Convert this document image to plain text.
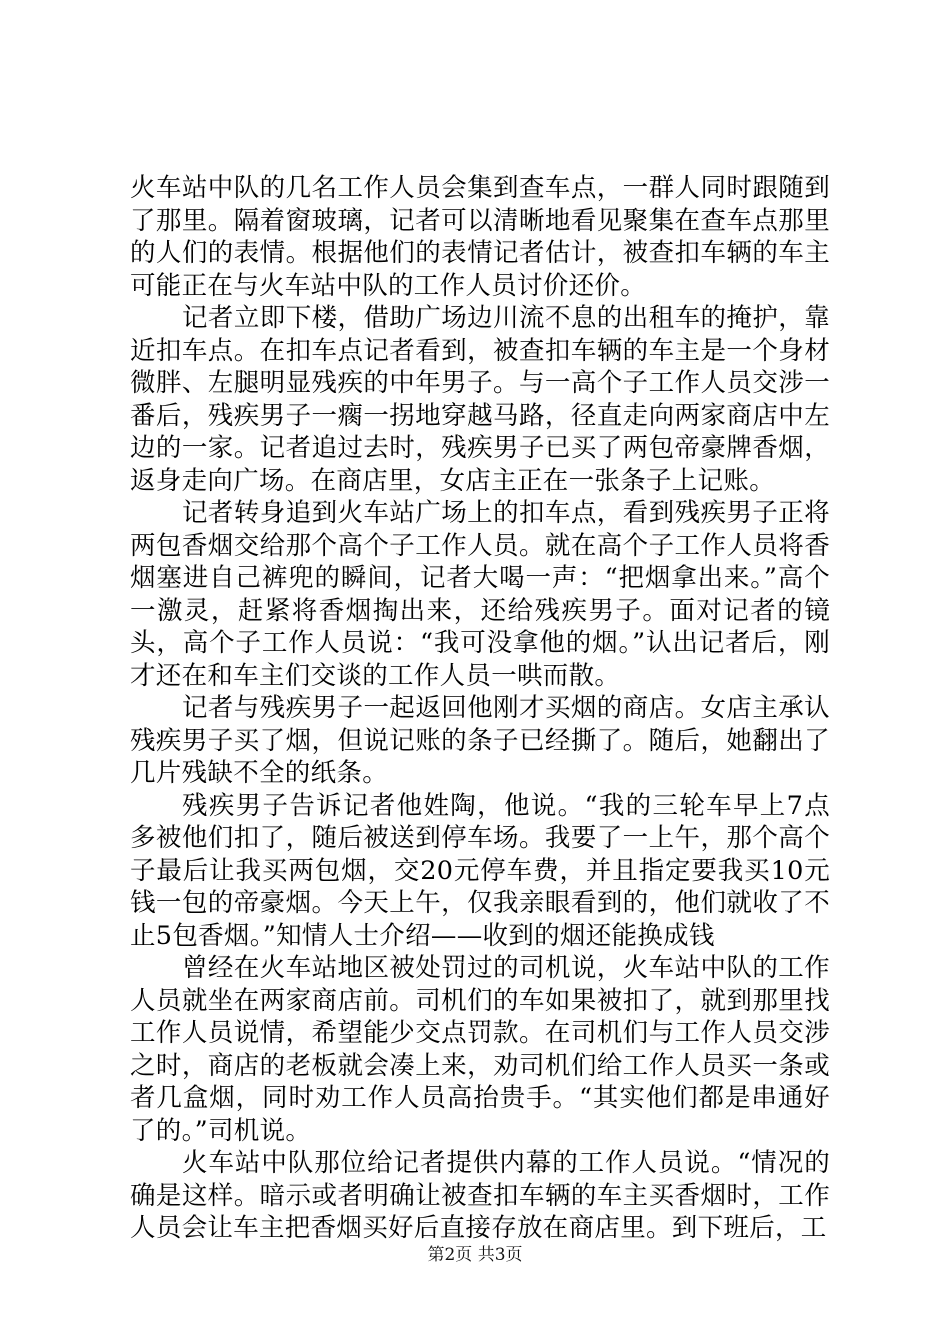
火车站中队的几名工作人员会集到查车点，一群人同时跟随到了那里。隔着窗玻璃，记者可以清晰地看见聚集在查车点那里的人们的表情。根据他们的表情记者估计，被查扣车辆的车主可能正在与火车站中队的工作人员讨价还价。

记者立即下楼，借助广场边川流不息的出租车的掩护，靠近扣车点。在扣车点记者看到，被查扣车辆的车主是一个身材微胖、左腿明显残疾的中年男子。与一高个子工作人员交涉一番后，残疾男子一瘸一拐地穿越马路，径直走向两家商店中左边的一家。记者追过去时，残疾男子已买了两包帝豪牌香烟，返身走向广场。在商店里，女店主正在一张条子上记账。

记者转身追到火车站广场上的扣车点，看到残疾男子正将两包香烟交给那个高个子工作人员。就在高个子工作人员将香烟塞进自己裤兜的瞬间，记者大喝一声：“把烟拿出来。”高个一激灵，赶紧将香烟掏出来，还给残疾男子。面对记者的镜头，高个子工作人员说：“我可没拿他的烟。”认出记者后，刚才还在和车主们交谈的工作人员一哄而散。

记者与残疾男子一起返回他刚才买烟的商店。女店主承认残疾男子买了烟，但说记账的条子已经撕了。随后，她翻出了几片残缺不全的纸条。

残疾男子告诉记者他姓陶，他说。“我的三轮车早上7点多被他们扣了，随后被送到停车场。我要了一上午，那个高个子最后让我买两包烟，交20元停车费，并且指定要我买10元钱一包的帝豪烟。今天上午，仅我亲眼看到的，他们就收了不止5包香烟。”知情人士介绍——收到的烟还能换成钱

曾经在火车站地区被处罚过的司机说，火车站中队的工作人员就坐在两家商店前。司机们的车如果被扣了，就到那里找工作人员说情，希望能少交点罚款。在司机们与工作人员交涉之时，商店的老板就会凑上来，劝司机们给工作人员买一条或者几盒烟，同时劝工作人员高抬贵手。“其实他们都是串通好了的。”司机说。

火车站中队那位给记者提供内幕的工作人员说。“情况的确是这样。暗示或者明确让被查扣车辆的车主买香烟时，工作人员会让车主把香烟买好后直接存放在商店里。到下班后，工

第2页 共3页
